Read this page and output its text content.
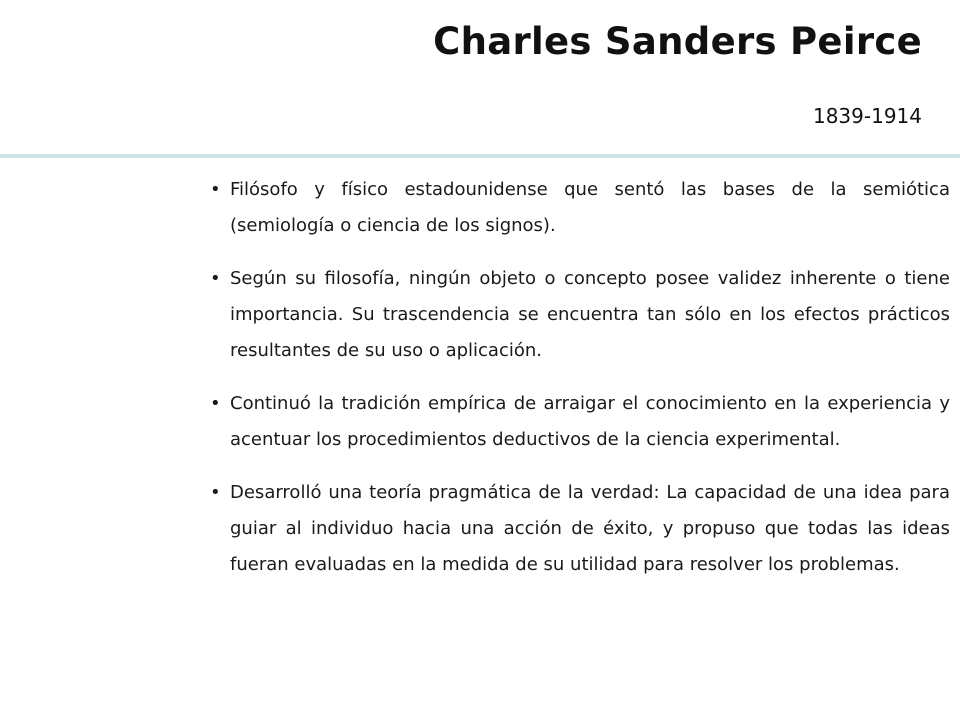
Charles Sanders Peirce

1839-1914

• Filósofo y físico estadounidense que sentó las bases de la semiótica (semiología o ciencia de los signos).
• Según su filosofía, ningún objeto o concepto posee validez inherente o tiene importancia. Su trascendencia se encuentra tan sólo en los efectos prácticos resultantes de su uso o aplicación.
• Continuó la tradición empírica de arraigar el conocimiento en la experiencia y acentuar los procedimientos deductivos de la ciencia experimental.
• Desarrolló una teoría pragmática de la verdad: La capacidad de una idea para guiar al individuo hacia una acción de éxito, y propuso que todas las ideas fueran evaluadas en la medida de su utilidad para resolver los problemas.
